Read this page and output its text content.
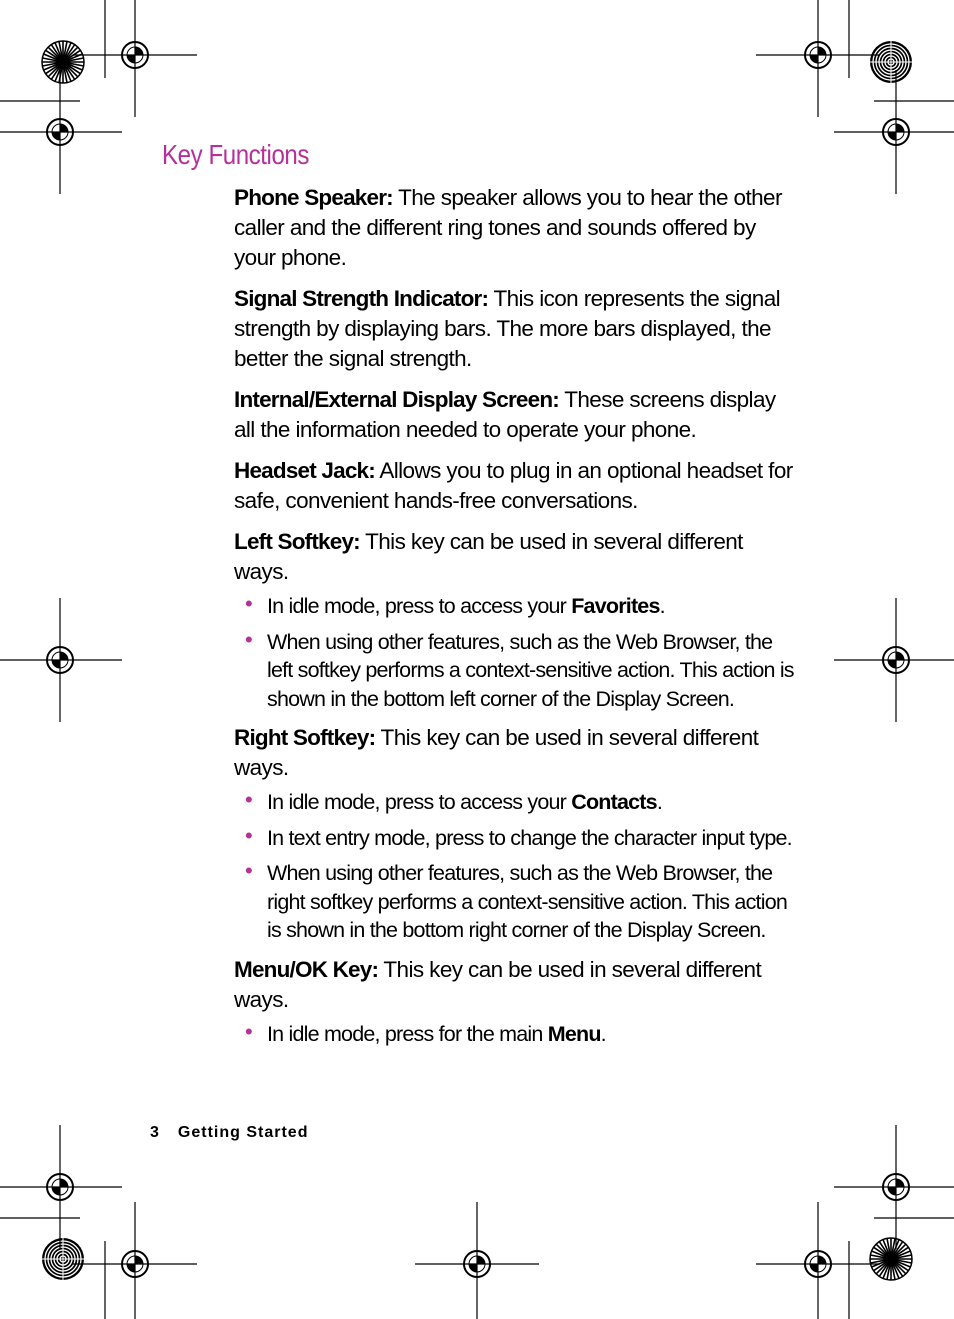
Key Functions

Phone Speaker: The speaker allows you to hear the other caller and the different ring tones and sounds offered by your phone.

Signal Strength Indicator: This icon represents the signal strength by displaying bars. The more bars displayed, the better the signal strength.

Internal/External Display Screen: These screens display all the information needed to operate your phone.

Headset Jack: Allows you to plug in an optional headset for safe, convenient hands-free conversations.

Left Softkey: This key can be used in several different ways.

• In idle mode, press to access your Favorites.
• When using other features, such as the Web Browser, the left softkey performs a context-sensitive action. This action is shown in the bottom left corner of the Display Screen.

Right Softkey: This key can be used in several different ways.

• In idle mode, press to access your Contacts.
• In text entry mode, press to change the character input type.
• When using other features, such as the Web Browser, the right softkey performs a context-sensitive action. This action is shown in the bottom right corner of the Display Screen.

Menu/OK Key: This key can be used in several different ways.

• In idle mode, press for the main Menu.
3 Getting Started
